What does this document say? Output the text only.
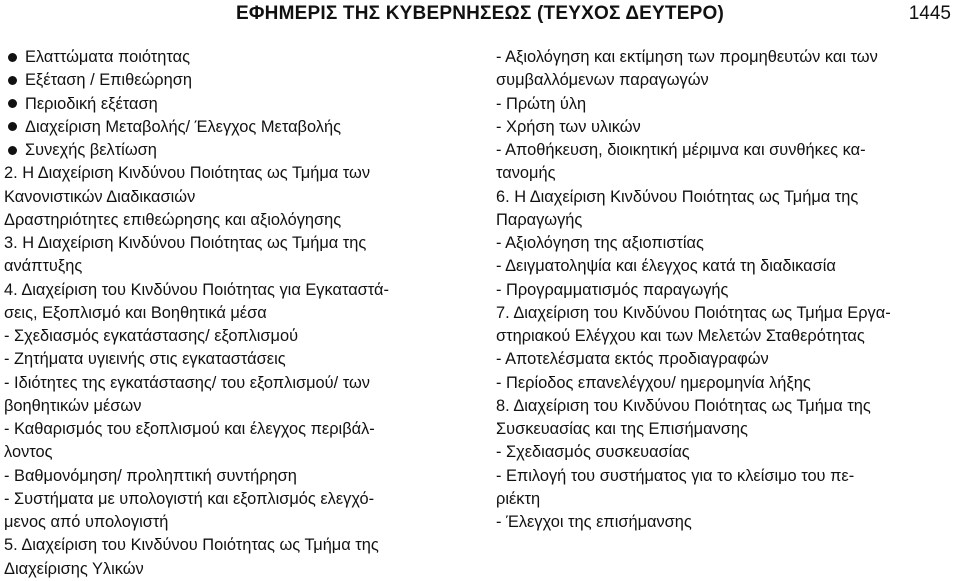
ΕΦΗΜΕΡΙΣ ΤΗΣ ΚΥΒΕΡΝΗΣΕΩΣ (ΤΕΥΧΟΣ ΔΕΥΤΕΡΟ)	1445
Ελαττώματα ποιότητας
Εξέταση / Επιθεώρηση
Περιοδική εξέταση
Διαχείριση Μεταβολής/ Έλεγχος Μεταβολής
Συνεχής βελτίωση
2. Η Διαχείριση Κινδύνου Ποιότητας ως Τμήμα των
Κανονιστικών Διαδικασιών
Δραστηριότητες επιθεώρησης και αξιολόγησης
3. Η Διαχείριση Κινδύνου Ποιότητας ως Τμήμα της
ανάπτυξης
4. Διαχείριση του Κινδύνου Ποιότητας για Εγκαταστά-
σεις, Εξοπλισμό και Βοηθητικά μέσα
- Σχεδιασμός εγκατάστασης/ εξοπλισμού
- Ζητήματα υγιεινής στις εγκαταστάσεις
- Ιδιότητες της εγκατάστασης/ του εξοπλισμού/ των
βοηθητικών μέσων
- Καθαρισμός του εξοπλισμού και έλεγχος περιβάλ-
λοντος
- Βαθμονόμηση/ προληπτική συντήρηση
- Συστήματα με υπολογιστή και εξοπλισμός ελεγχό-
μενος από υπολογιστή
5. Διαχείριση του Κινδύνου Ποιότητας ως Τμήμα της
Διαχείρισης Υλικών
- Αξιολόγηση και εκτίμηση των προμηθευτών και των
συμβαλλόμενων παραγωγών
- Πρώτη ύλη
- Χρήση των υλικών
- Αποθήκευση, διοικητική μέριμνα και συνθήκες κα-
τανομής
6. Η Διαχείριση Κινδύνου Ποιότητας ως Τμήμα της
Παραγωγής
- Αξιολόγηση της αξιοπιστίας
- Δειγματοληψία και έλεγχος κατά τη διαδικασία
- Προγραμματισμός παραγωγής
7. Διαχείριση του Κινδύνου Ποιότητας ως Τμήμα Εργα-
στηριακού Ελέγχου και των Μελετών Σταθερότητας
- Αποτελέσματα εκτός προδιαγραφών
- Περίοδος επανελέγχου/ ημερομηνία λήξης
8. Διαχείριση του Κινδύνου Ποιότητας ως Τμήμα της
Συσκευασίας και της Επισήμανσης
- Σχεδιασμός συσκευασίας
- Επιλογή του συστήματος για το κλείσιμο του πε-
ριέκτη
- Έλεγχοι της επισήμανσης
